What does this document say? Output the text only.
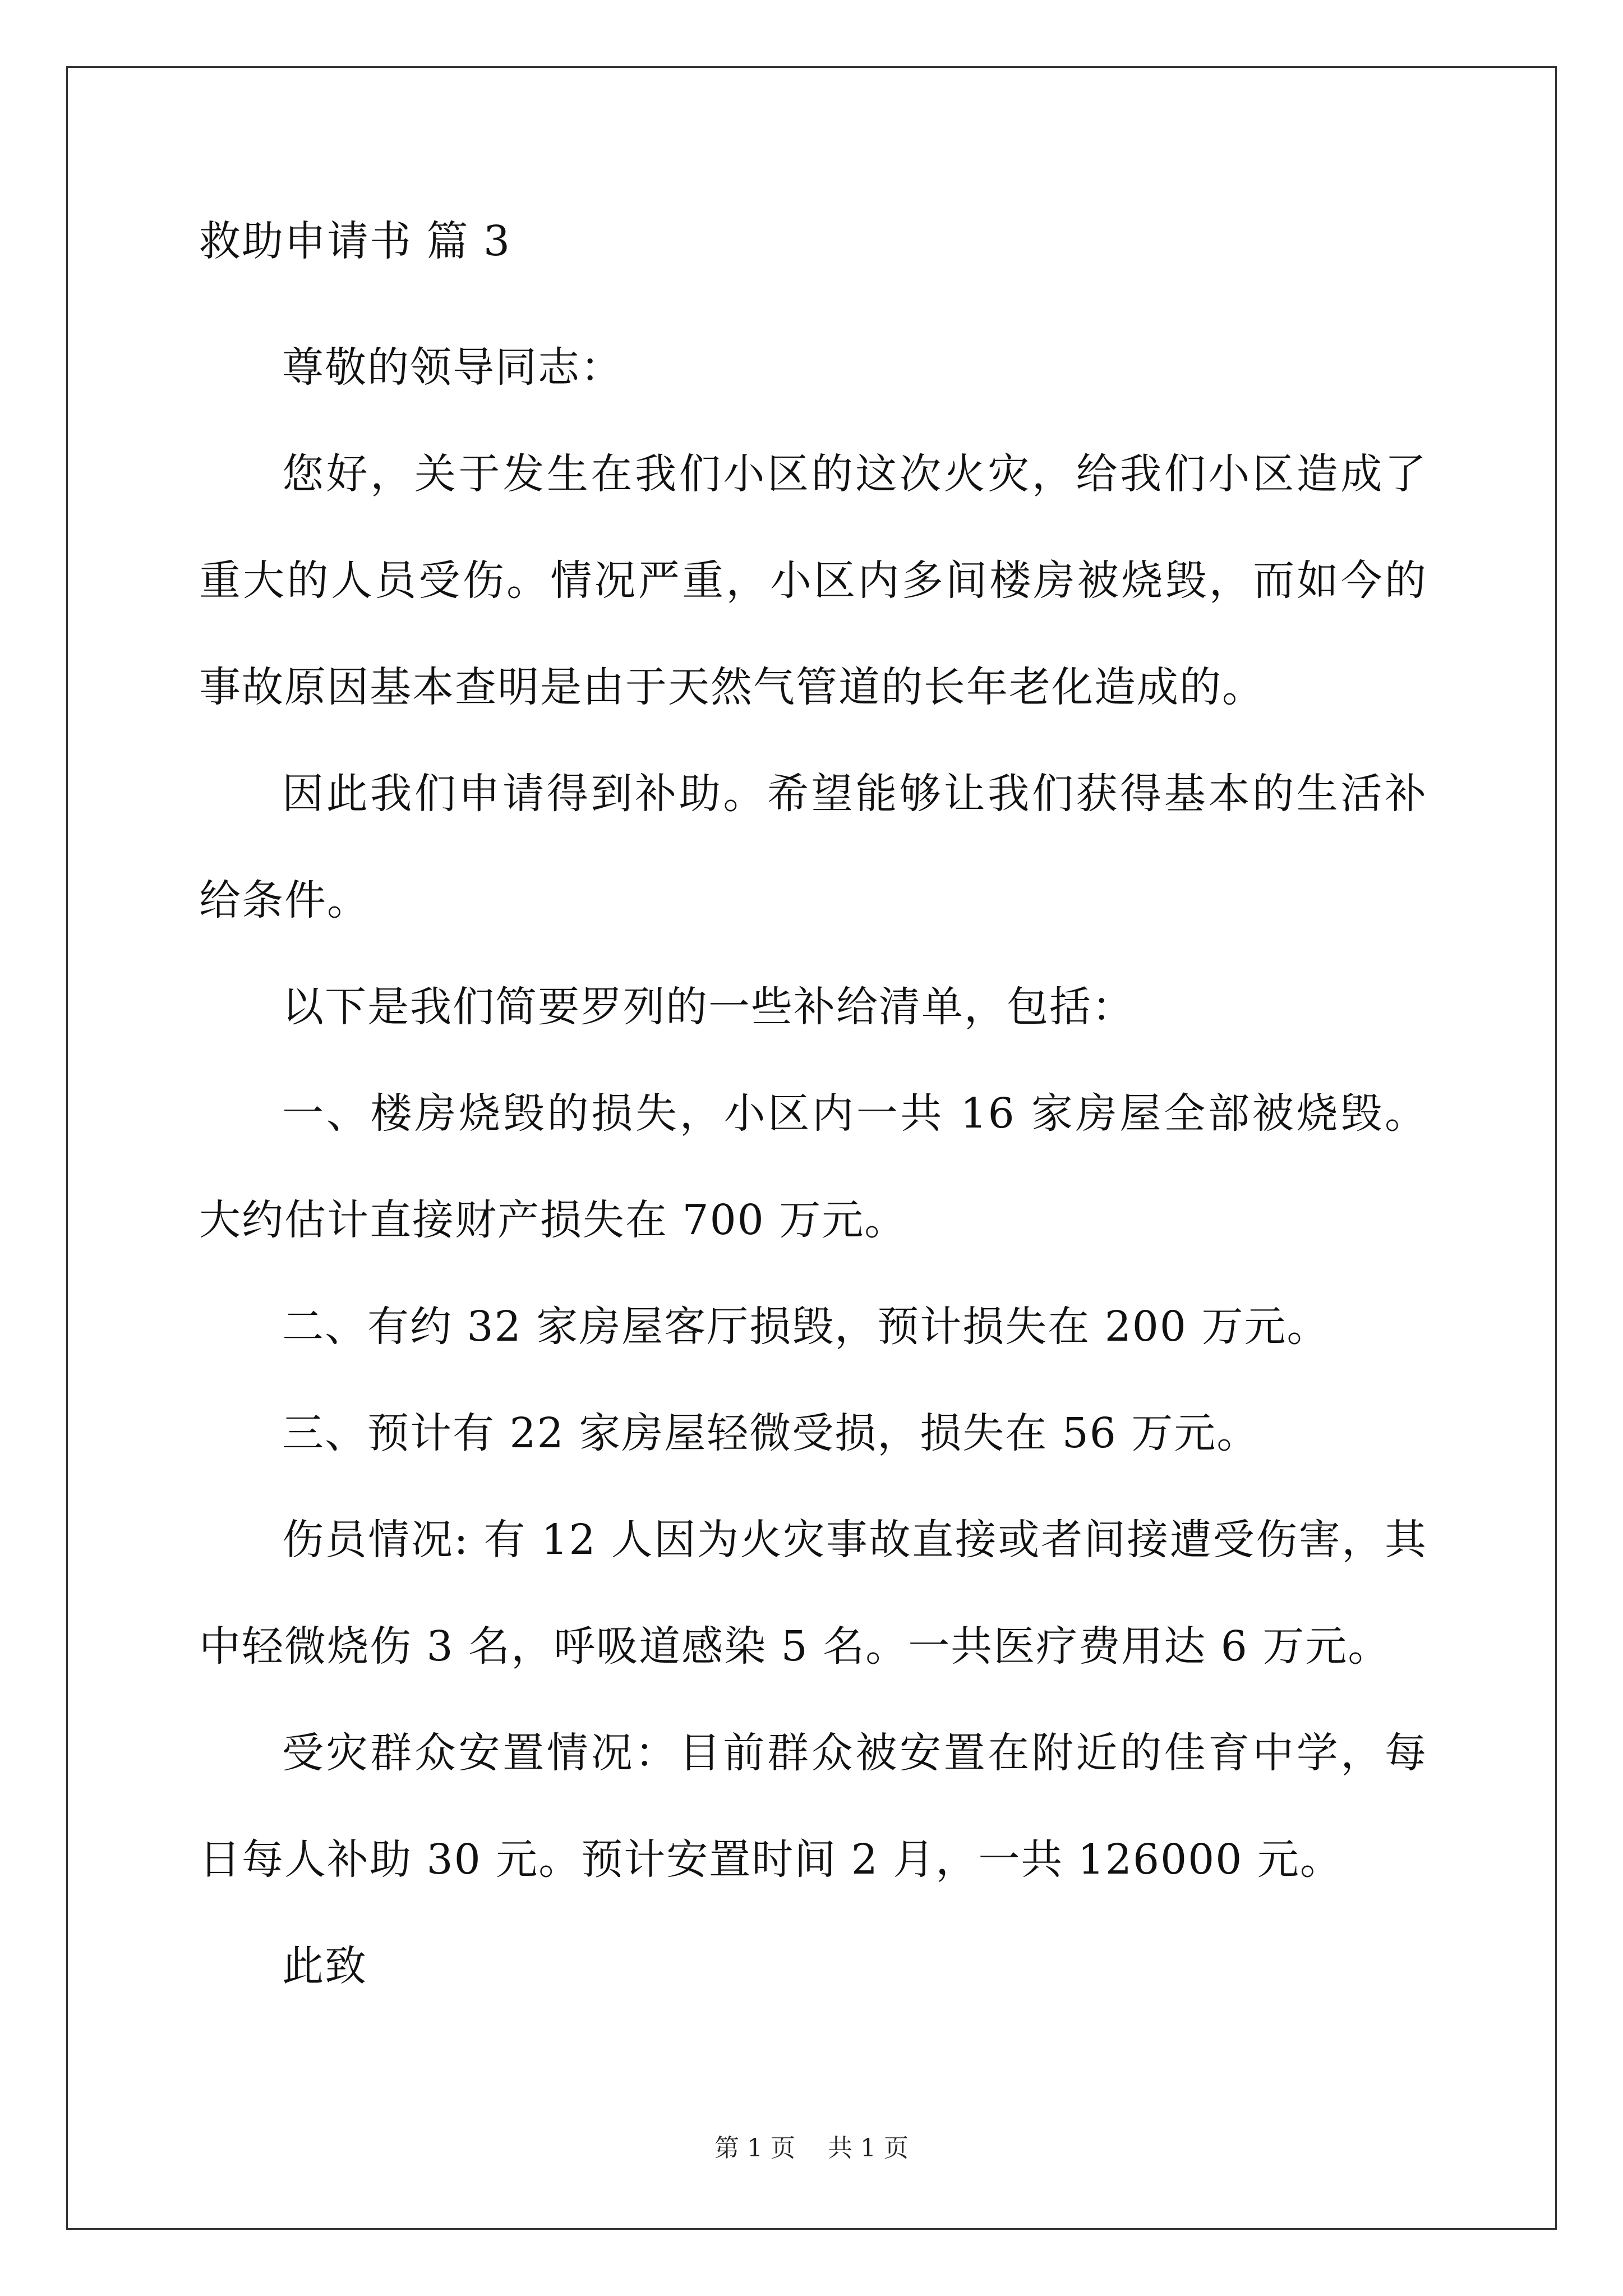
救助申请书 篇 3

尊敬的领导同志：

您好，关于发生在我们小区的这次火灾，给我们小区造成了重大的人员受伤。情况严重，小区内多间楼房被烧毁，而如今的事故原因基本查明是由于天然气管道的长年老化造成的。

因此我们申请得到补助。希望能够让我们获得基本的生活补给条件。

以下是我们简要罗列的一些补给清单，包括：

一、楼房烧毁的损失，小区内一共 16 家房屋全部被烧毁。大约估计直接财产损失在 700 万元。

二、有约 32 家房屋客厅损毁，预计损失在 200 万元。

三、预计有 22 家房屋轻微受损，损失在 56 万元。

伤员情况: 有 12 人因为火灾事故直接或者间接遭受伤害，其中轻微烧伤 3 名，呼吸道感染 5 名。一共医疗费用达 6 万元。

受灾群众安置情况：目前群众被安置在附近的佳育中学，每日每人补助 30 元。预计安置时间 2 月，一共 126000 元。

此致

第 1 页 共 1 页
